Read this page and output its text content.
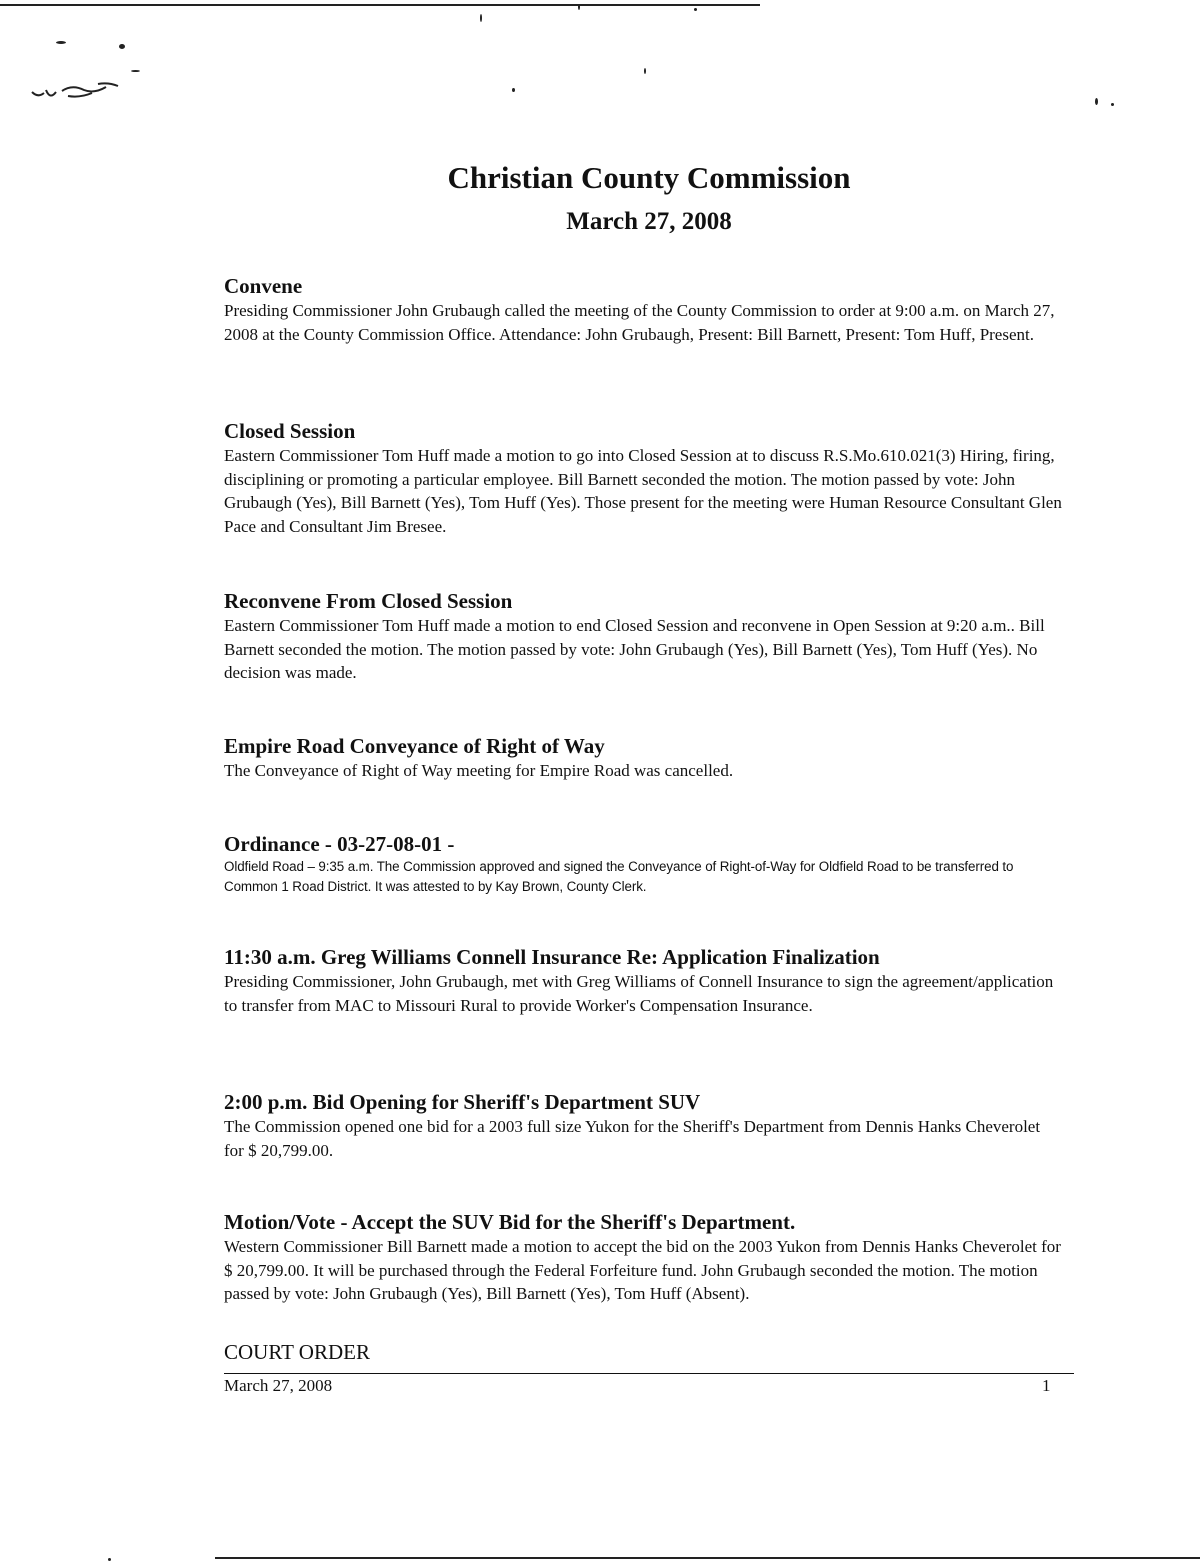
Christian County Commission
March 27, 2008
Convene

Presiding Commissioner John Grubaugh called the meeting of the County Commission to order at 9:00 a.m. on March 27, 2008 at the County Commission Office. Attendance: John Grubaugh, Present: Bill Barnett, Present: Tom Huff, Present.

Closed Session

Eastern Commissioner Tom Huff made a motion to go into Closed Session at to discuss R.S.Mo.610.021(3) Hiring, firing, disciplining or promoting a particular employee. Bill Barnett seconded the motion. The motion passed by vote: John Grubaugh (Yes), Bill Barnett (Yes), Tom Huff (Yes). Those present for the meeting were Human Resource Consultant Glen Pace and Consultant Jim Bresee.

Reconvene From Closed Session

Eastern Commissioner Tom Huff made a motion to end Closed Session and reconvene in Open Session at 9:20 a.m.. Bill Barnett seconded the motion. The motion passed by vote: John Grubaugh (Yes), Bill Barnett (Yes), Tom Huff (Yes). No decision was made.

Empire Road Conveyance of Right of Way

The Conveyance of Right of Way meeting for Empire Road was cancelled.

Ordinance - 03-27-08-01 -

Oldfield Road – 9:35 a.m. The Commission approved and signed the Conveyance of Right-of-Way for Oldfield Road to be transferred to Common 1 Road District. It was attested to by Kay Brown, County Clerk.

11:30 a.m. Greg Williams Connell Insurance Re: Application Finalization

Presiding Commissioner, John Grubaugh, met with Greg Williams of Connell Insurance to sign the agreement/application to transfer from MAC to Missouri Rural to provide Worker's Compensation Insurance.

2:00 p.m. Bid Opening for Sheriff's Department SUV

The Commission opened one bid for a 2003 full size Yukon for the Sheriff's Department from Dennis Hanks Cheverolet for $ 20,799.00.

Motion/Vote - Accept the SUV Bid for the Sheriff's Department.

Western Commissioner Bill Barnett made a motion to accept the bid on the 2003 Yukon from Dennis Hanks Cheverolet for $ 20,799.00. It will be purchased through the Federal Forfeiture fund. John Grubaugh seconded the motion. The motion passed by vote: John Grubaugh (Yes), Bill Barnett (Yes), Tom Huff (Absent).

COURT ORDER
March 27, 2008	1
